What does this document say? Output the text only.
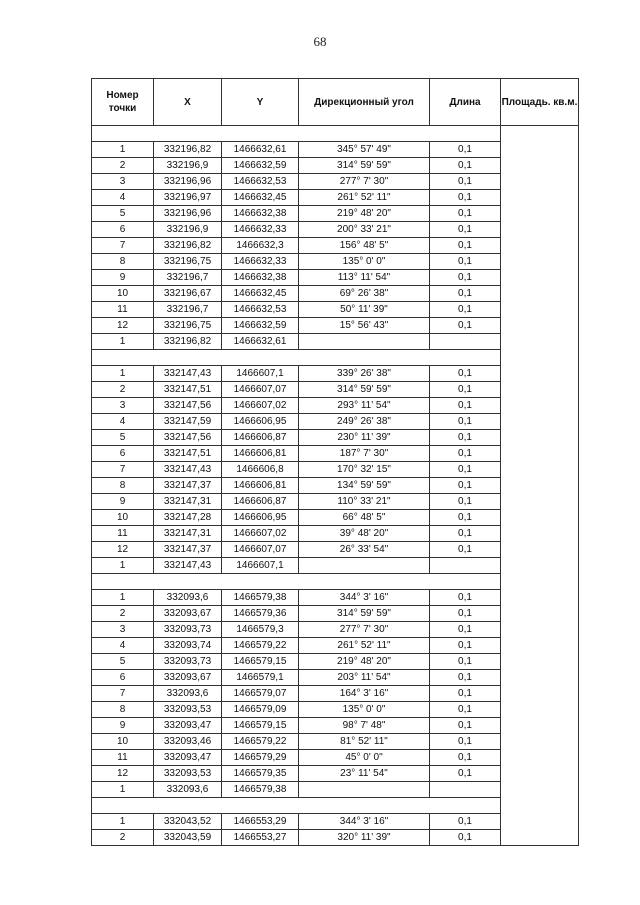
68
Номер точки	X	Y	Дирекционный угол	Длина	Площадь. кв.м.

1	332196,82	1466632,61	345° 57' 49"	0,1	
2	332196,9	1466632,59	314° 59' 59"	0,1	
3	332196,96	1466632,53	277° 7' 30"	0,1	
4	332196,97	1466632,45	261° 52' 11"	0,1	
5	332196,96	1466632,38	219° 48' 20"	0,1	
6	332196,9	1466632,33	200° 33' 21"	0,1	
7	332196,82	1466632,3	156° 48' 5"	0,1	
8	332196,75	1466632,33	135° 0' 0"	0,1	
9	332196,7	1466632,38	113° 11' 54"	0,1	
10	332196,67	1466632,45	69° 26' 38"	0,1	
11	332196,7	1466632,53	50° 11' 39"	0,1	
12	332196,75	1466632,59	15° 56' 43"	0,1	
1	332196,82	1466632,61			

1	332147,43	1466607,1	339° 26' 38"	0,1	
2	332147,51	1466607,07	314° 59' 59"	0,1	
3	332147,56	1466607,02	293° 11' 54"	0,1	
4	332147,59	1466606,95	249° 26' 38"	0,1	
5	332147,56	1466606,87	230° 11' 39"	0,1	
6	332147,51	1466606,81	187° 7' 30"	0,1	
7	332147,43	1466606,8	170° 32' 15"	0,1	
8	332147,37	1466606,81	134° 59' 59"	0,1	
9	332147,31	1466606,87	110° 33' 21"	0,1	
10	332147,28	1466606,95	66° 48' 5"	0,1	
11	332147,31	1466607,02	39° 48' 20"	0,1	
12	332147,37	1466607,07	26° 33' 54"	0,1	
1	332147,43	1466607,1			

1	332093,6	1466579,38	344° 3' 16"	0,1	
2	332093,67	1466579,36	314° 59' 59"	0,1	
3	332093,73	1466579,3	277° 7' 30"	0,1	
4	332093,74	1466579,22	261° 52' 11"	0,1	
5	332093,73	1466579,15	219° 48' 20"	0,1	
6	332093,67	1466579,1	203° 11' 54"	0,1	
7	332093,6	1466579,07	164° 3' 16"	0,1	
8	332093,53	1466579,09	135° 0' 0"	0,1	
9	332093,47	1466579,15	98° 7' 48"	0,1	
10	332093,46	1466579,22	81° 52' 11"	0,1	
11	332093,47	1466579,29	45° 0' 0"	0,1	
12	332093,53	1466579,35	23° 11' 54"	0,1	
1	332093,6	1466579,38			

1	332043,52	1466553,29	344° 3' 16"	0,1	
2	332043,59	1466553,27	320° 11' 39"	0,1	
